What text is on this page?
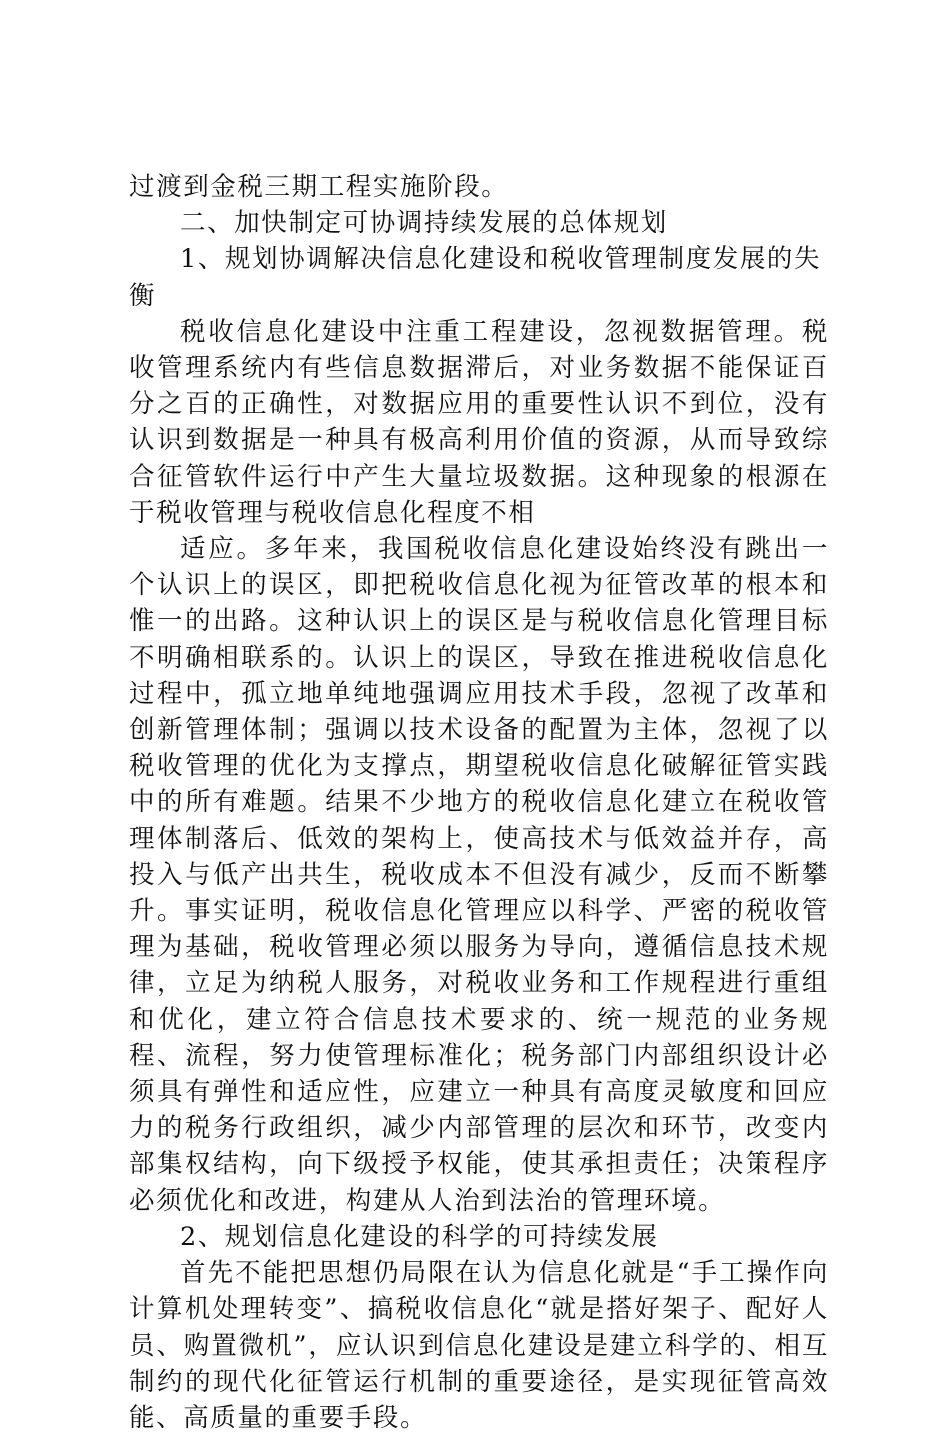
过渡到金税三期工程实施阶段。

二、加快制定可协调持续发展的总体规划

1、规划协调解决信息化建设和税收管理制度发展的失衡

税收信息化建设中注重工程建设，忽视数据管理。税收管理系统内有些信息数据滞后，对业务数据不能保证百分之百的正确性，对数据应用的重要性认识不到位，没有认识到数据是一种具有极高利用价值的资源，从而导致综合征管软件运行中产生大量垃圾数据。这种现象的根源在于税收管理与税收信息化程度不相

适应。多年来，我国税收信息化建设始终没有跳出一个认识上的误区，即把税收信息化视为征管改革的根本和惟一的出路。这种认识上的误区是与税收信息化管理目标不明确相联系的。认识上的误区，导致在推进税收信息化过程中，孤立地单纯地强调应用技术手段，忽视了改革和创新管理体制；强调以技术设备的配置为主体，忽视了以税收管理的优化为支撑点，期望税收信息化破解征管实践中的所有难题。结果不少地方的税收信息化建立在税收管理体制落后、低效的架构上，使高技术与低效益并存，高投入与低产出共生，税收成本不但没有减少，反而不断攀升。事实证明，税收信息化管理应以科学、严密的税收管理为基础，税收管理必须以服务为导向，遵循信息技术规律，立足为纳税人服务，对税收业务和工作规程进行重组和优化，建立符合信息技术要求的、统一规范的业务规程、流程，努力使管理标准化；税务部门内部组织设计必须具有弹性和适应性，应建立一种具有高度灵敏度和回应力的税务行政组织，减少内部管理的层次和环节，改变内部集权结构，向下级授予权能，使其承担责任；决策程序必须优化和改进，构建从人治到法治的管理环境。

2、规划信息化建设的科学的可持续发展

首先不能把思想仍局限在认为信息化就是“手工操作向计算机处理转变”、搞税收信息化“就是搭好架子、配好人员、购置微机”，应认识到信息化建设是建立科学的、相互制约的现代化征管运行机制的重要途径，是实现征管高效能、高质量的重要手段。
